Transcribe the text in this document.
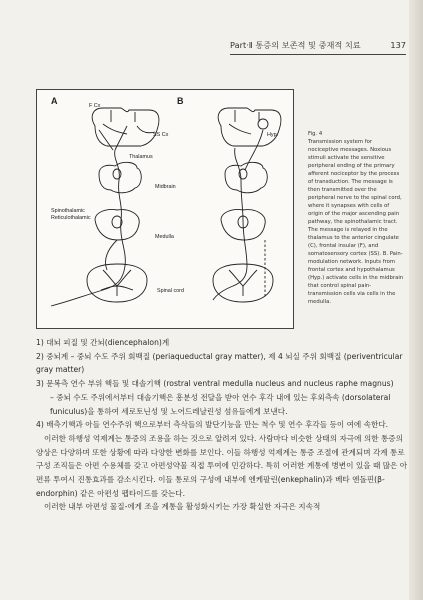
Part·Ⅱ 통증의 보존적 및 중재적 치료	137
A	B
F Cx
SS Cx	Hyp.
Thalamus
Midbrain
Spinothalamic
Reticulothalamic
Medulla
Spinal cord
Fig. 4
Transmission system for nociceptive messages. Noxious stimuli activate the sensitive peripheral ending of the primary afferent nociceptor by the process of transduction. The message is then transmitted over the peripheral nerve to the spinal cord, where it synapses with cells of origin of the major ascending pain pathway, the spinothalamic tract. The message is relayed in the thalamus to the anterior cingulate (C), frontal insular (F), and somatosensory cortex (SS). B. Pain-modulation network. Inputs from frontal cortex and hypothalamus (Hyp.) activate cells in the midbrain that control spinal pain-transmission cells via cells in the medulla.
1) 대뇌 피질 및 간뇌(diencephalon)계
2) 중뇌계 – 중뇌 수도 주위 회백질 (periaqueductal gray matter), 제 4 뇌실 주위 회백질 (periventricular gray matter)
3) 문복측 연수 부위 핵들 및 대솔기핵 (rostral ventral medulla nucleus and nucleus raphe magnus)
– 중뇌 수도 주위에서부터 대솔기핵은 흥분성 전달을 받아 연수 후각 내에 있는 후외측속 (dorsolateral funiculus)을 통하여 세로토닌성 및 노어드레날린성 섬유들에게 보낸다.
4) 배측기핵과 아들 연수주위 핵으로부터 측삭들의 발단기능을 만는 척수 및 연수 후각들 등이 여에 속한다.
이러한 하행성 억제계는 통증의 조용을 하는 것으로 알려져 있다. 사람마다 비슷한 상태의 자극에 의한 통증의 양상은 다양하며 또한 상황에 따라 다양한 변화를 보인다. 이들 하행성 억제계는 통증 조절에 관계되며 각계 통로 구성 조직들은 아편 수용체를 갖고 아편성약물 직접 투여에 민감하다. 특히 어러한 계통에 병변이 있을 때 많은 아편류 투여시 진통효과를 감소시킨다. 이들 통로의 구성에 내부에 엔케팔린(enkephalin)과 베타 엔돌핀(β-endorphin) 같은 아편성 펩타이드를 갖는다.
이러한 내부 아편성 물질-에게 조을 계통을 활성화시키는 가장 확실한 자극은 지속적
